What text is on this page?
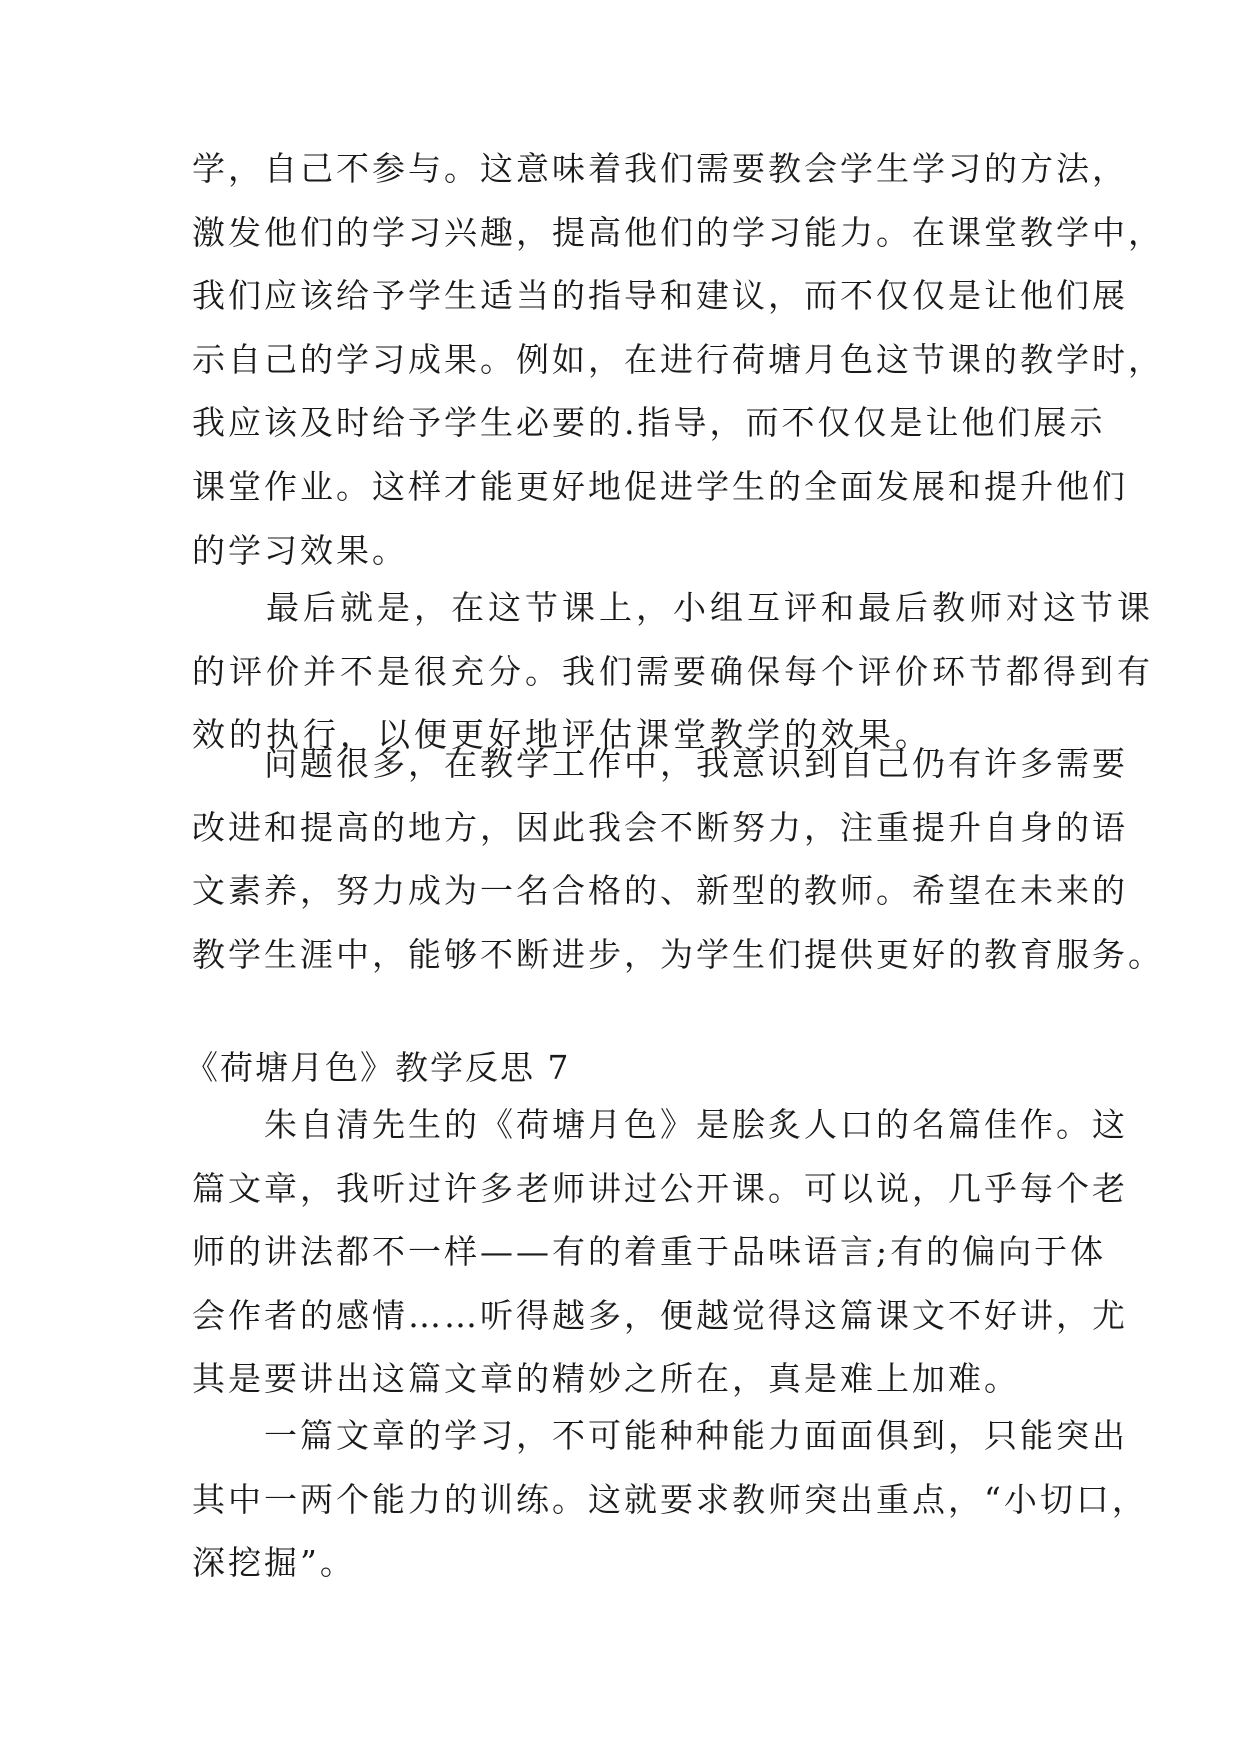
学，自己不参与。这意味着我们需要教会学生学习的方法，
激发他们的学习兴趣，提高他们的学习能力。在课堂教学中，
我们应该给予学生适当的指导和建议，而不仅仅是让他们展
示自己的学习成果。例如，在进行荷塘月色这节课的教学时，
我应该及时给予学生必要的.指导，而不仅仅是让他们展示
课堂作业。这样才能更好地促进学生的全面发展和提升他们
的学习效果。
　　最后就是，在这节课上，小组互评和最后教师对这节课
的评价并不是很充分。我们需要确保每个评价环节都得到有
效的执行，以便更好地评估课堂教学的效果。
　　问题很多，在教学工作中，我意识到自己仍有许多需要
改进和提高的地方，因此我会不断努力，注重提升自身的语
文素养，努力成为一名合格的、新型的教师。希望在未来的
教学生涯中，能够不断进步，为学生们提供更好的教育服务。
《荷塘月色》教学反思 7
　　朱自清先生的《荷塘月色》是脍炙人口的名篇佳作。这
篇文章，我听过许多老师讲过公开课。可以说，几乎每个老
师的讲法都不一样——有的着重于品味语言;有的偏向于体
会作者的感情……听得越多，便越觉得这篇课文不好讲，尤
其是要讲出这篇文章的精妙之所在，真是难上加难。
　　一篇文章的学习，不可能种种能力面面俱到，只能突出
其中一两个能力的训练。这就要求教师突出重点，“小切口，
深挖掘”。
